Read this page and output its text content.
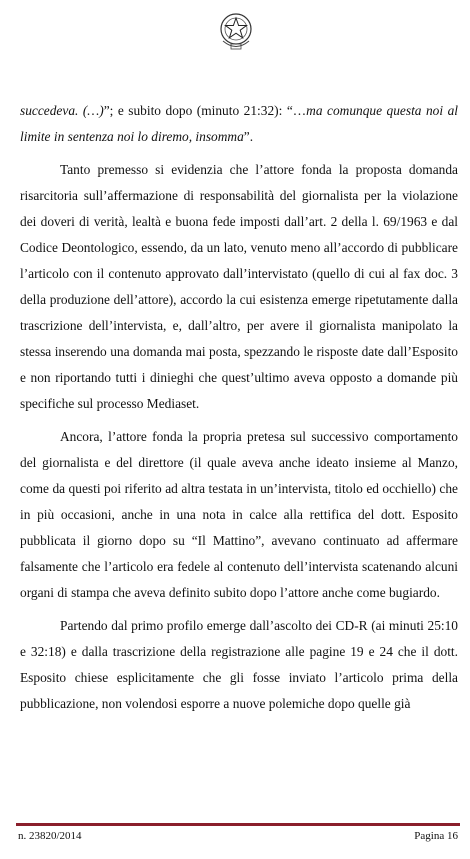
succedeva. (…)”; e subito dopo (minuto 21:32): “…ma comunque questa noi al limite in sentenza noi lo diremo, insomma”.

Tanto premesso si evidenzia che l’attore fonda la proposta domanda risarcitoria sull’affermazione di responsabilità del giornalista per la violazione dei doveri di verità, lealtà e buona fede imposti dall’art. 2 della l. 69/1963 e dal Codice Deontologico, essendo, da un lato, venuto meno all’accordo di pubblicare l’articolo con il contenuto approvato dall’intervistato (quello di cui al fax doc. 3 della produzione dell’attore), accordo la cui esistenza emerge ripetutamente dalla trascrizione dell’intervista, e, dall’altro, per avere il giornalista manipolato la stessa inserendo una domanda mai posta, spezzando le risposte date dall’Esposito e non riportando tutti i dinieghi che quest’ultimo aveva opposto a domande più specifiche sul processo Mediaset.

Ancora, l’attore fonda la propria pretesa sul successivo comportamento del giornalista e del direttore (il quale aveva anche ideato insieme al Manzo, come da questi poi riferito ad altra testata in un’intervista, titolo ed occhiello) che in più occasioni, anche in una nota in calce alla rettifica del dott. Esposito pubblicata il giorno dopo su “Il Mattino”, avevano continuato ad affermare falsamente che l’articolo era fedele al contenuto dell’intervista scatenando alcuni organi di stampa che aveva definito subito dopo l’attore anche come bugiardo.

Partendo dal primo profilo emerge dall’ascolto dei CD-R (ai minuti 25:10 e 32:18) e dalla trascrizione della registrazione alle pagine 19 e 24 che il dott. Esposito chiese esplicitamente che gli fosse inviato l’articolo prima della pubblicazione, non volendosi esporre a nuove polemiche dopo quelle già

n. 23820/2014	Pagina 16
